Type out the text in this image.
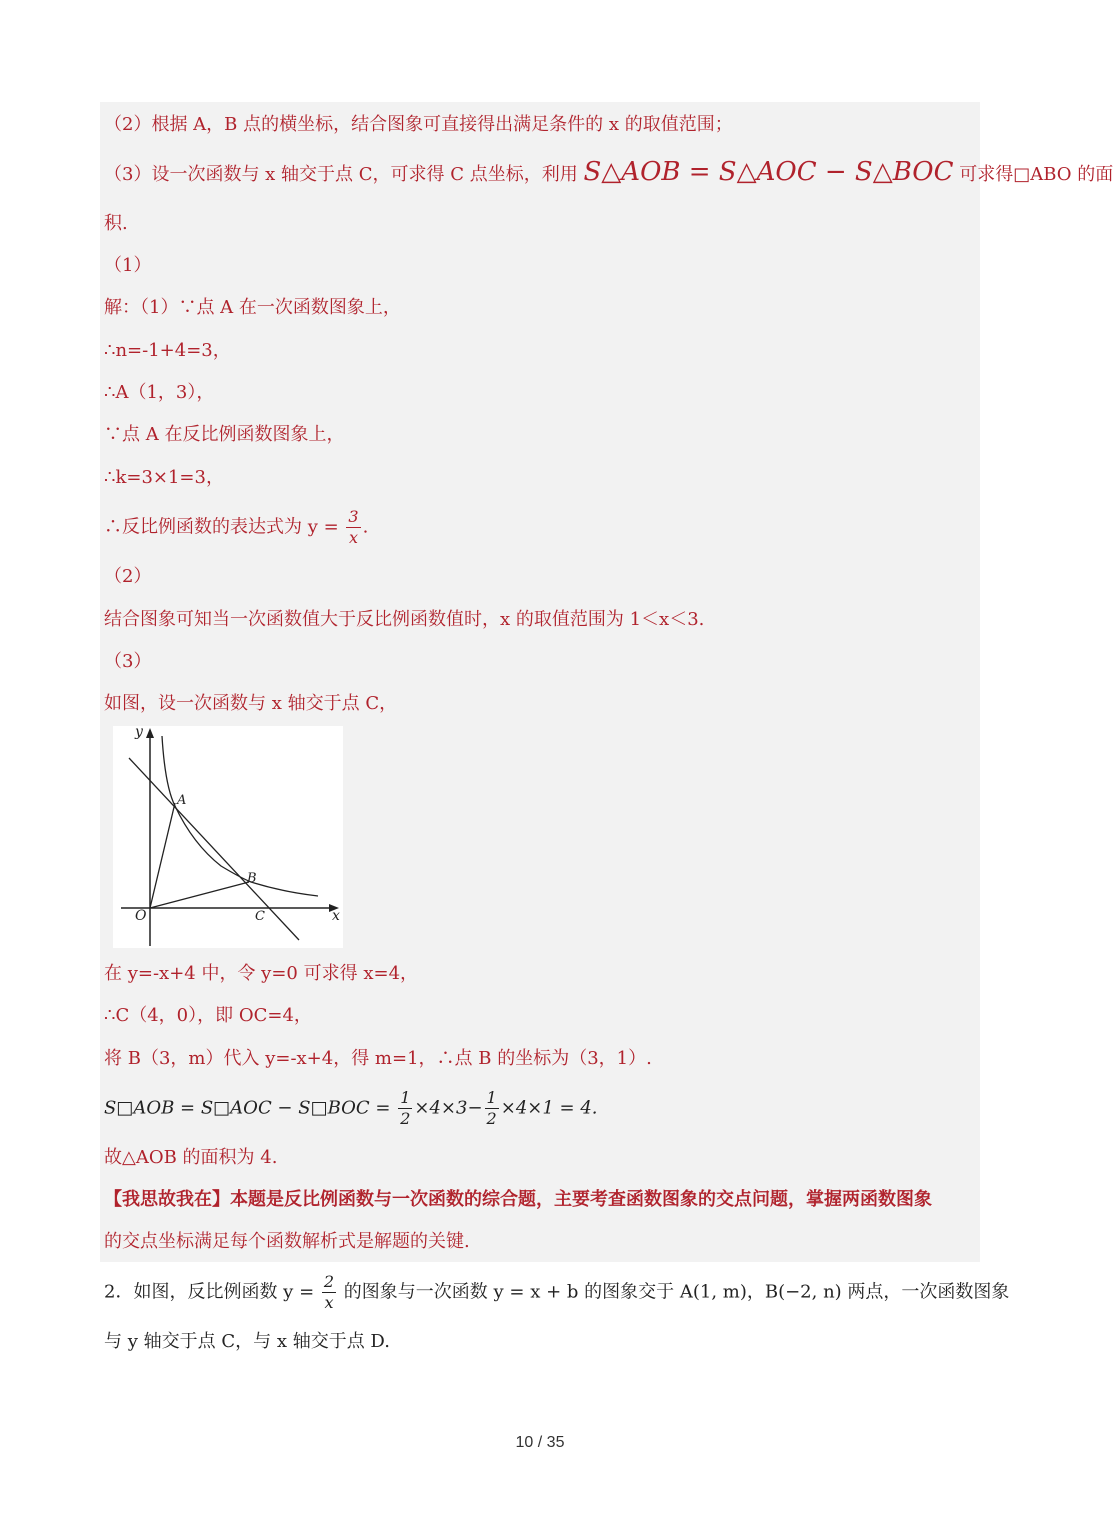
（2）根据 A，B 点的横坐标，结合图象可直接得出满足条件的 x 的取值范围；
（3）设一次函数与 x 轴交于点 C，可求得 C 点坐标，利用 S△AOB = S△AOC − S△BOC 可求得□ABO 的面
积.
（1）
解：（1）∵点 A 在一次函数图象上，
∴n=-1+4=3，
∴A（1，3），
∵点 A 在反比例函数图象上，
∴k=3×1=3，
∴反比例函数的表达式为 $y = \frac{3}{x}$ .
（2）
结合图象可知当一次函数值大于反比例函数值时，x 的取值范围为 1＜x＜3.
（3）
如图，设一次函数与 x 轴交于点 C，
y
x
O
A
B
C
在 y=-x+4 中，令 y=0 可求得 x=4，
∴C（4，0），即 OC=4，
将 B（3，m）代入 y=-x+4，得 m=1，∴点 B 的坐标为（3，1）.
S□AOB = S□AOC − S□BOC = $\frac{1}{2} \times 4\times 3- \frac{1}{2} \times 4\times 1 = 4$.
故△AOB 的面积为 4.
【我思故我在】本题是反比例函数与一次函数的综合题，主要考查函数图象的交点问题，掌握两函数图象
的交点坐标满足每个函数解析式是解题的关键.
2．如图，反比例函数 $y = \frac{2}{x}$ 的图象与一次函数 y = x + b 的图象交于 A(1, m)，B(−2, n) 两点，一次函数图象
与 y 轴交于点 C，与 x 轴交于点 D.
10 / 35
